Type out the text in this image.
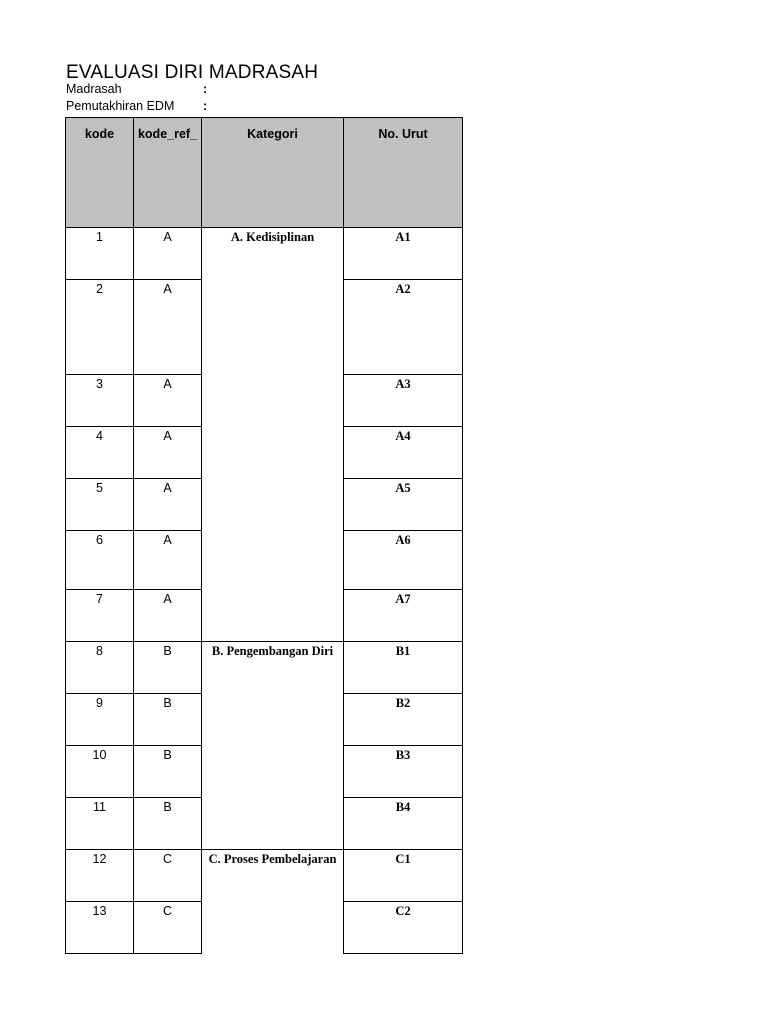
EVALUASI DIRI MADRASAH
Madrasah	:
Pemutakhiran EDM :
kode	kode_ref_	Kategori	No. Urut
1	A	A. Kedisiplinan	A1
2	A		A2
3	A		A3
4	A		A4
5	A		A5
6	A		A6
7	A		A7
8	B	B. Pengembangan Diri	B1
9	B		B2
10	B		B3
11	B		B4
12	C	C. Proses Pembelajaran	C1
13	C		C2
